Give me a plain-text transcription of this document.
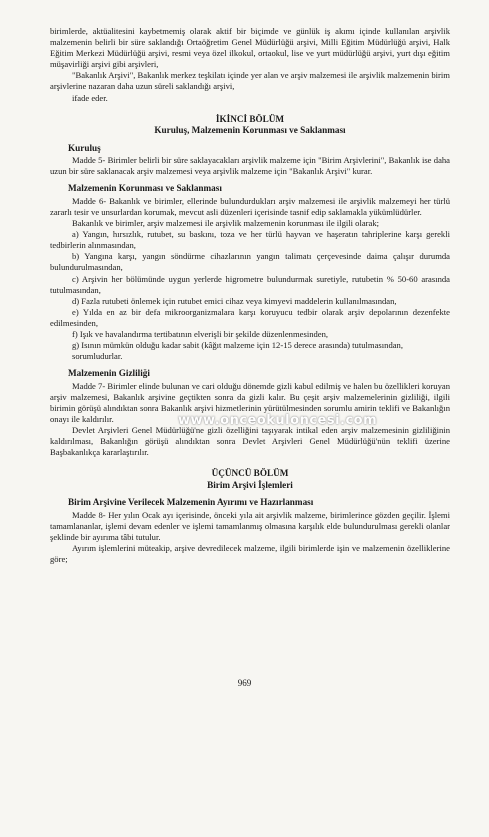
birimlerde, aktüalitesini kaybetmemiş olarak aktif bir biçimde ve günlük iş akımı içinde kullanılan arşivlik malzemenin belirli bir süre saklandığı Ortaöğretim Genel Müdürlüğü arşivi, Milli Eğitim Müdürlüğü arşivi, Halk Eğitim Merkezi Müdürlüğü arşivi, resmi veya özel ilkokul, ortaokul, lise ve yurt müdürlüğü arşivi, yurt dışı eğitim müşavirliği arşivi gibi arşivleri,

"Bakanlık Arşivi", Bakanlık merkez teşkilatı içinde yer alan ve arşiv malzemesi ile arşivlik malzemenin birim arşivlerine nazaran daha uzun süreli saklandığı arşivi,

ifade eder.

İKİNCİ BÖLÜM
Kuruluş, Malzemenin Korunması ve Saklanması
Kuruluş

Madde 5- Birimler belirli bir süre saklayacakları arşivlik malzeme için "Birim Arşivlerini", Bakanlık ise daha uzun bir süre saklanacak arşiv malzemesi veya arşivlik malzeme için "Bakanlık Arşivi" kurar.

Malzemenin Korunması ve Saklanması

Madde 6- Bakanlık ve birimler, ellerinde bulundurdukları arşiv malzemesi ile arşivlik malzemeyi her türlü zararlı tesir ve unsurlardan korumak, mevcut asli düzenleri içerisinde tasnif edip saklamakla yükümlüdürler.

Bakanlık ve birimler, arşiv malzemesi ile arşivlik malzemenin korunması ile ilgili olarak;

a) Yangın, hırsızlık, rutubet, su baskını, toza ve her türlü hayvan ve haşeratın tahriplerine karşı gerekli tedbirlerin alınmasından,

b) Yangına karşı, yangın söndürme cihazlarının yangın talimatı çerçevesinde daima çalışır durumda bulundurulmasından,

c) Arşivin her bölümünde uygun yerlerde higrometre bulundurmak suretiyle, rutubetin % 50-60 arasında tutulmasından,

d) Fazla rutubeti önlemek için rutubet emici cihaz veya kimyevi maddelerin kullanılmasından,

e) Yılda en az bir defa mikroorganizmalara karşı koruyucu tedbir olarak arşiv depolarının dezenfekte edilmesinden,

f) Işık ve havalandırma tertibatının elverişli bir şekilde düzenlenmesinden,

g) Isının mümkün olduğu kadar sabit (kâğıt malzeme için 12-15 derece arasında) tutulmasından,

sorumludurlar.

Malzemenin Gizliliği

Madde 7- Birimler elinde bulunan ve cari olduğu dönemde gizli kabul edilmiş ve halen bu özellikleri koruyan arşiv malzemesi, Bakanlık arşivine geçtikten sonra da gizli kalır. Bu çeşit arşiv malzemelerinin gizliliği, ilgili birimin görüşü alındıktan sonra Bakanlık arşivi hizmetlerinin yürütülmesinden sorumlu amirin teklifi ve Bakanlığın onayı ile kaldırılır.

Devlet Arşivleri Genel Müdürlüğü'ne gizli özelliğini taşıyarak intikal eden arşiv malzemesinin gizliliğinin kaldırılması, Bakanlığın görüşü alındıktan sonra Devlet Arşivleri Genel Müdürlüğü'nün teklifi üzerine Başbakanlıkça kararlaştırılır.

ÜÇÜNCÜ BÖLÜM
Birim Arşivi İşlemleri
Birim Arşivine Verilecek Malzemenin Ayırımı ve Hazırlanması

Madde 8- Her yılın Ocak ayı içerisinde, önceki yıla ait arşivlik malzeme, birimlerince gözden geçilir. İşlemi tamamlananlar, işlemi devam edenler ve işlemi tamamlanmış olmasına karşılık elde bulundurulması gerekli olanlar şeklinde bir ayırıma tâbi tutulur.

Ayırım işlemlerini müteakip, arşive devredilecek malzeme, ilgili birimlerde işin ve malzemenin özelliklerine göre;

www.onceokuloncesi.com
969
